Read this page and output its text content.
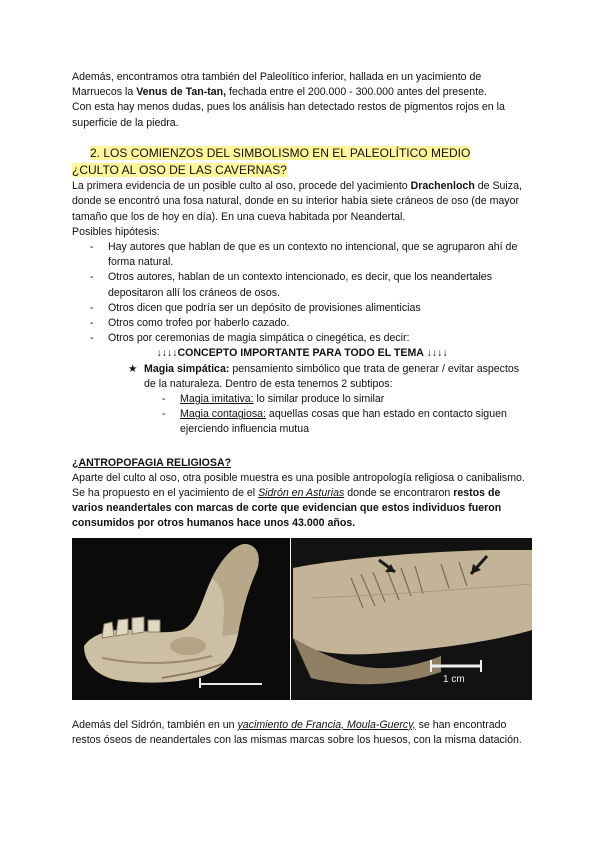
Además, encontramos otra también del Paleolítico inferior, hallada en un yacimiento de Marruecos la Venus de Tan-tan, fechada entre el 200.000 - 300.000 antes del presente.
Con esta hay menos dudas, pues los análisis han detectado restos de pigmentos rojos en la superficie de la piedra.

2. LOS COMIENZOS DEL SIMBOLISMO EN EL PALEOLÍTICO MEDIO
¿CULTO AL OSO DE LAS CAVERNAS?

La primera evidencia de un posible culto al oso, procede del yacimiento Drachenloch de Suiza, donde se encontró una fosa natural, donde en su interior había siete cráneos de oso (de mayor tamaño que los de hoy en día). En una cueva habitada por Neandertal.

Posibles hipótesis:

- Hay autores que hablan de que es un contexto no intencional, que se agruparon ahí de forma natural.
- Otros autores, hablan de un contexto intencionado, es decir, que los neandertales depositaron allí los cráneos de osos.
- Otros dicen que podría ser un depósito de provisiones alimenticias
- Otros como trofeo por haberlo cazado.
- Otros por ceremonias de magia simpática o cinegética, es decir:

↓↓↓↓CONCEPTO IMPORTANTE PARA TODO EL TEMA ↓↓↓↓

★ Magia simpática: pensamiento simbólico que trata de generar / evitar aspectos de la naturaleza. Dentro de esta tenemos 2 subtipos:

- Magia imitativa: lo similar produce lo similar
- Magia contagiosa: aquellas cosas que han estado en contacto siguen ejerciendo influencia mutua

¿ANTROPOFAGIA RELIGIOSA?

Aparte del culto al oso, otra posible muestra es una posible antropología religiosa o canibalismo.

Se ha propuesto en el yacimiento de el Sidrón en Asturias donde se encontraron restos de varios neandertales con marcas de corte que evidencian que estos individuos fueron consumidos por otros humanos hace unos 43.000 años.

1 cm

Además del Sidrón, también en un yacimiento de Francia, Moula-Guercy, se han encontrado restos óseos de neandertales con las mismas marcas sobre los huesos, con la misma datación.
